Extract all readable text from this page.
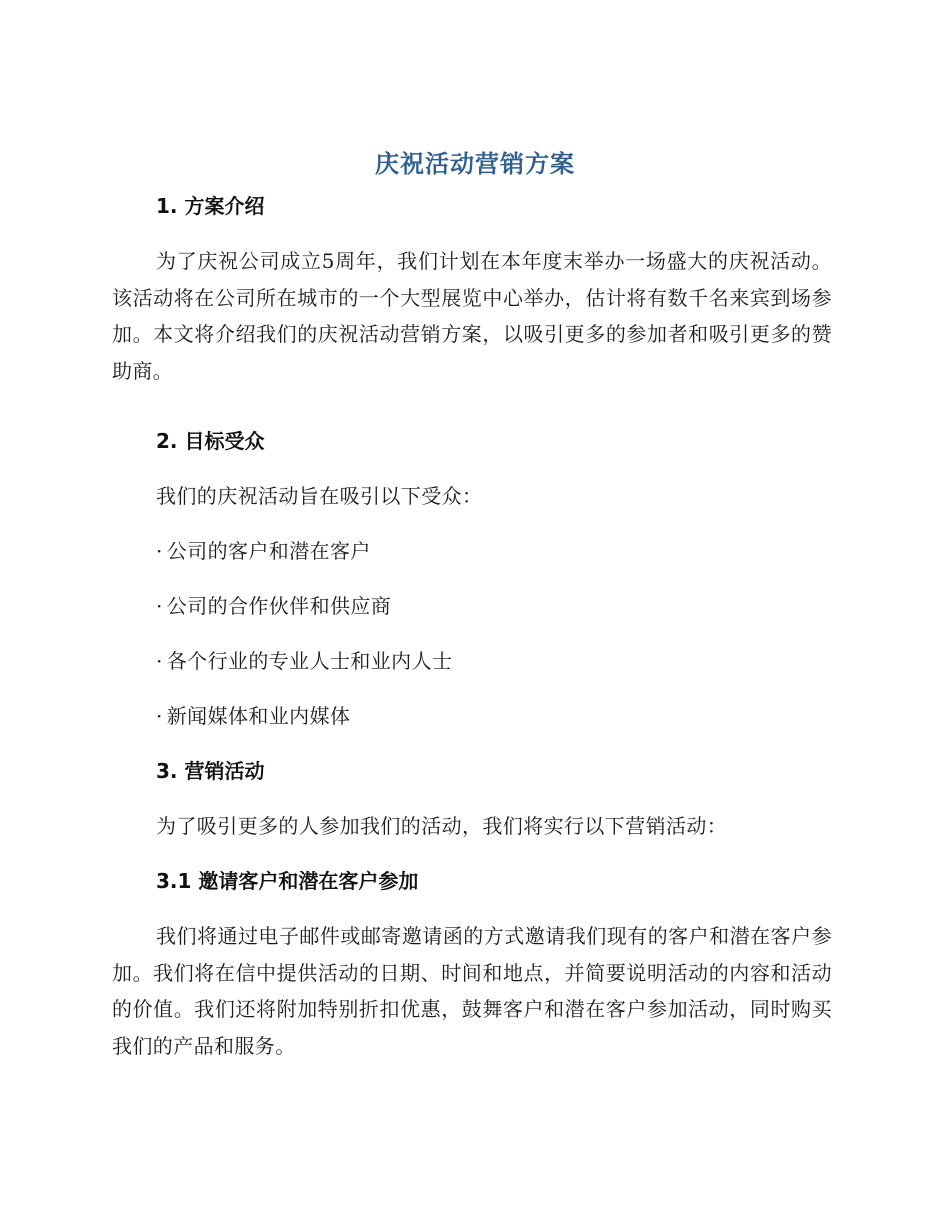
庆祝活动营销方案
1. 方案介绍
为了庆祝公司成立5周年，我们计划在本年度末举办一场盛大的庆祝活动。该活动将在公司所在城市的一个大型展览中心举办，估计将有数千名来宾到场参加。本文将介绍我们的庆祝活动营销方案，以吸引更多的参加者和吸引更多的赞助商。
2. 目标受众
我们的庆祝活动旨在吸引以下受众：
· 公司的客户和潜在客户
· 公司的合作伙伴和供应商
· 各个行业的专业人士和业内人士
· 新闻媒体和业内媒体
3. 营销活动
为了吸引更多的人参加我们的活动，我们将实行以下营销活动：
3.1 邀请客户和潜在客户参加
我们将通过电子邮件或邮寄邀请函的方式邀请我们现有的客户和潜在客户参加。我们将在信中提供活动的日期、时间和地点，并简要说明活动的内容和活动的价值。我们还将附加特别折扣优惠，鼓舞客户和潜在客户参加活动，同时购买我们的产品和服务。
